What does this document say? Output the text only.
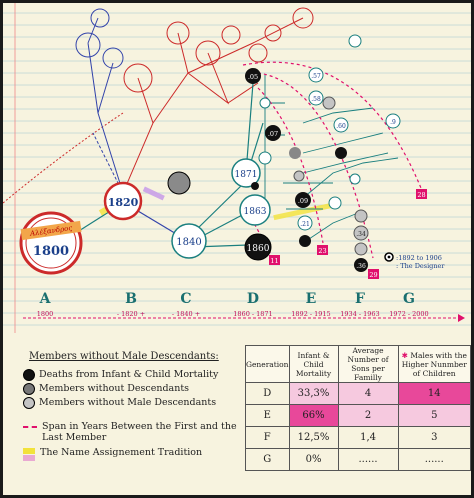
Αλέξανδρος
1800
1820
1840
1871
1863
1860
.05	.57
.07
.9
.60
.09
.21
.34
.36
.58
28
23
29
11	:1892 to 1906
: The Designer
A	B	C	D	E	F	G
1800	- 1820 +	- 1840 +	1860 - 1871	1892 - 1915 1934 - 1963 1972 - 2000
Members without Male Descendants:
Deaths from Infant & Child Mortality
Members without Descendants
Members without Male Descendants
Span in Years Between the First and the Last Member
The Name Assignement Tradition
Generation	Infant & Child Mortality	Average Number of Sons per Familly	✱ Males with the Higher Nunmber of Children
D	33,3%	4	14
E	66%	2	5
F	12,5%	1,4	3
G	0%	......	......
